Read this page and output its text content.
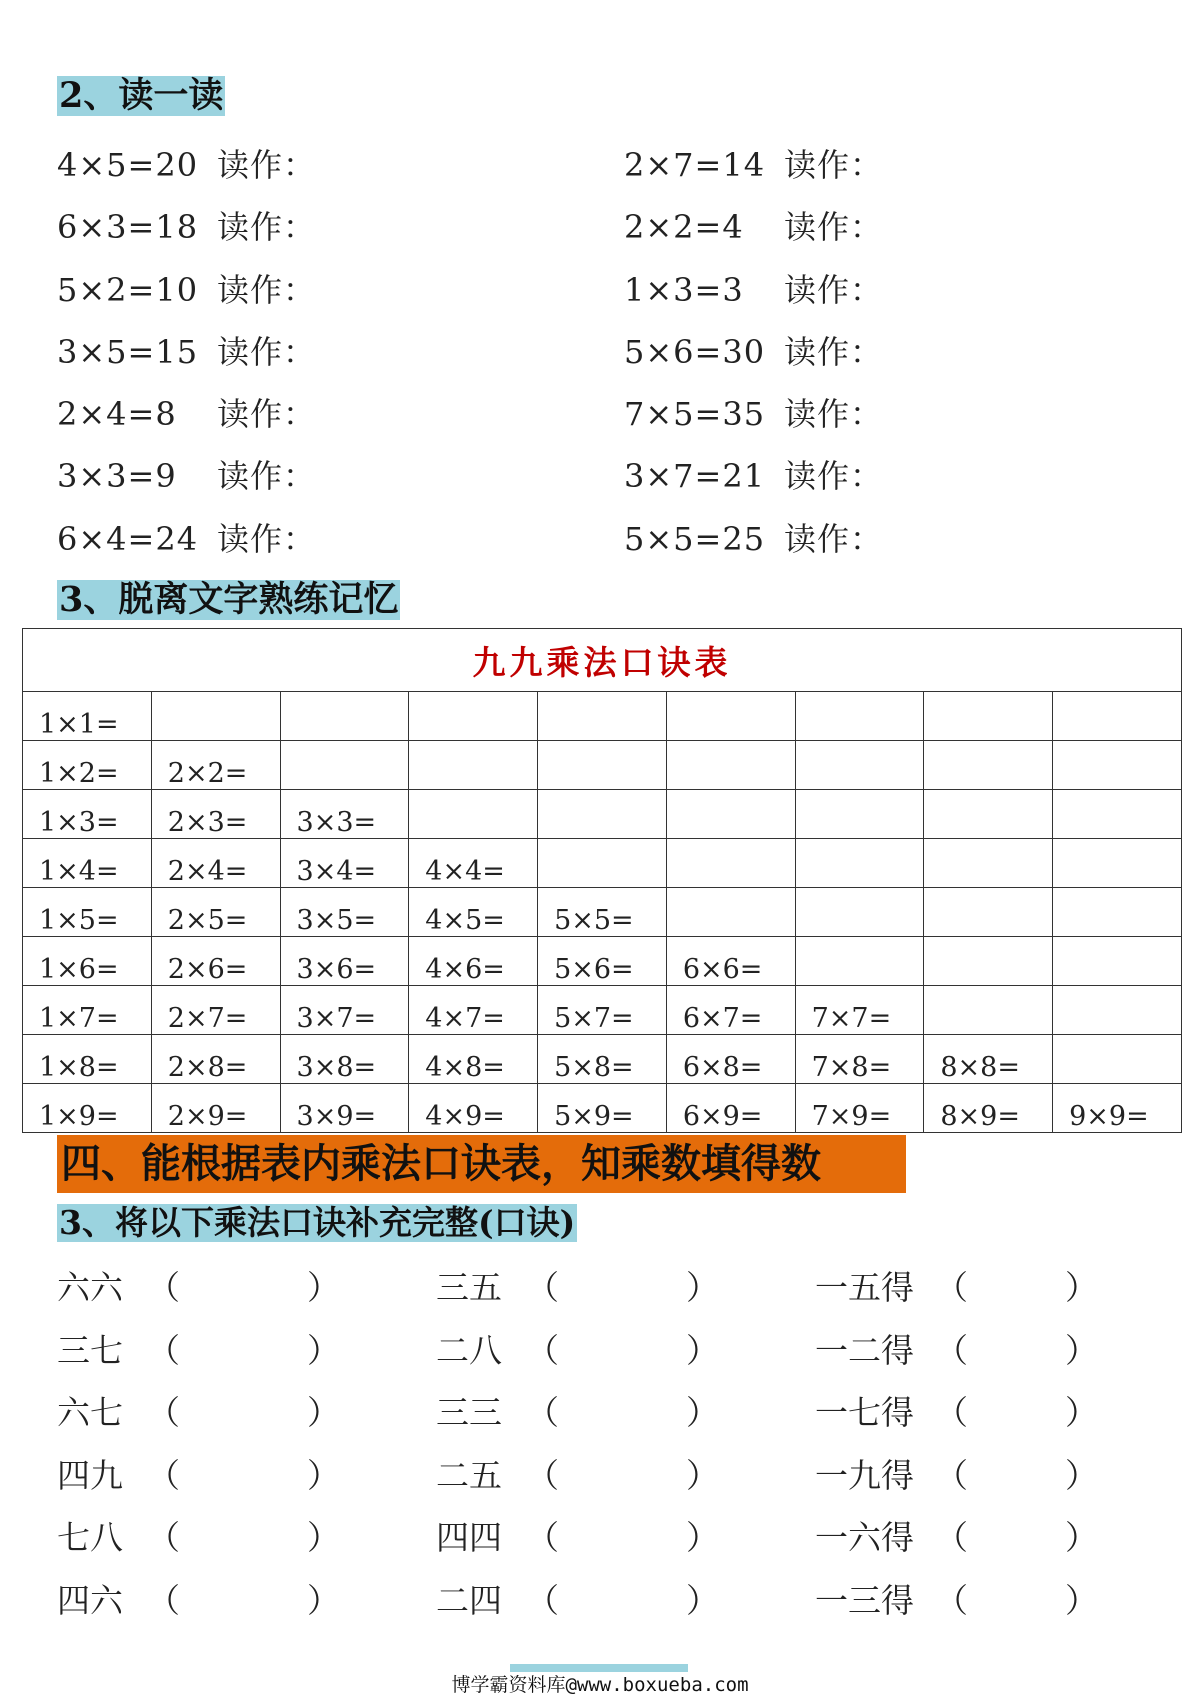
2、读一读
4×5=20 读作：	2×7=14 读作：
6×3=18 读作：	2×2=4 读作：
5×2=10 读作：	1×3=3 读作：
3×5=15 读作：	5×6=30 读作：
2×4=8 读作：	7×5=35 读作：
3×3=9 读作：	3×7=21 读作：
6×4=24 读作：	5×5=25 读作：
3、脱离文字熟练记忆
九九乘法口诀表								
1×1=								
1×2=	2×2=							
1×3=	2×3=	3×3=						
1×4=	2×4=	3×4=	4×4=					
1×5=	2×5=	3×5=	4×5=	5×5=				
1×6=	2×6=	3×6=	4×6=	5×6=	6×6=			
1×7=	2×7=	3×7=	4×7=	5×7=	6×7=	7×7=		
1×8=	2×8=	3×8=	4×8=	5×8=	6×8=	7×8=	8×8=	
1×9=	2×9=	3×9=	4×9=	5×9=	6×9=	7×9=	8×9=	9×9=
四、能根据表内乘法口诀表，知乘数填得数
3、将以下乘法口诀补充完整(口诀)
六六 （	）	三五 （	）	一五得 （	）
三七 （	）	二八 （	）	一二得 （	）
六七 （	）	三三 （	）	一七得 （	）
四九 （	）	二五 （	）	一九得 （	）
七八 （	）	四四 （	）	一六得 （	）
四六 （	）	二四 （	）	一三得 （	）
博学霸资料库@www.boxueba.com
